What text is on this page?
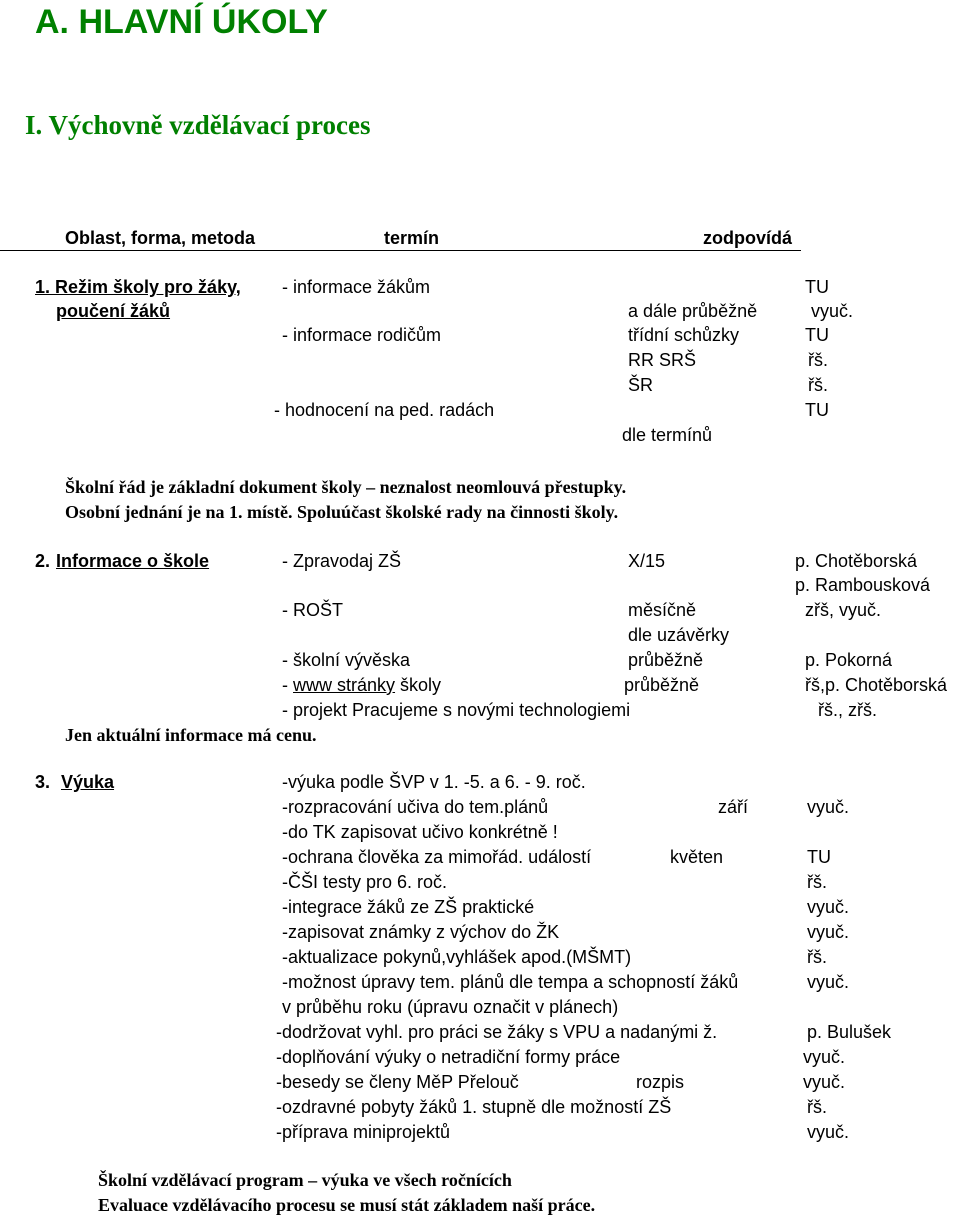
A. HLAVNÍ ÚKOLY
I. Výchovně vzdělávací proces
Oblast, forma, metoda	termín	zodpovídá
1. Režim školy pro žáky,
poučení žáků
- informace žákům	TU
a dále průběžně	vyuč.
- informace rodičům	třídní schůzky	TU
RR SRŠ	řš.
ŠR	řš.
- hodnocení na ped. radách	TU
dle termínů
Školní řád je základní dokument školy – neznalost neomlouvá přestupky.
Osobní jednání je na 1. místě. Spoluúčast školské rady na činnosti školy.
2. Informace o škole	- Zpravodaj ZŠ	X/15	p. Chotěborská
p. Rambousková
- ROŠT	měsíčně	zřš, vyuč.
dle uzávěrky
- školní vývěska	průběžně	p. Pokorná
- www stránky školy	průběžně	řš,p. Chotěborská
- projekt Pracujeme s novými technologiemi	řš., zřš.
Jen aktuální informace má cenu.
3. Výuka	-výuka podle ŠVP v 1. -5. a 6. - 9. roč.
-rozpracování učiva do tem.plánů	září	vyuč.
-do TK zapisovat učivo konkrétně !
-ochrana člověka za mimořád. událostí	květen	TU
-ČŠI testy pro 6. roč.	řš.
-integrace žáků ze ZŠ praktické	vyuč.
-zapisovat známky z výchov do ŽK	vyuč.
-aktualizace pokynů,vyhlášek apod.(MŠMT)	řš.
-možnost úpravy tem. plánů dle tempa a schopností žáků	vyuč.
v průběhu roku (úpravu označit v plánech)
-dodržovat vyhl. pro práci se žáky s VPU a nadanými ž.	p. Bulušek
-doplňování výuky o netradiční formy práce	vyuč.
-besedy se členy MěP Přelouč	rozpis	vyuč.
-ozdravné pobyty žáků 1. stupně dle možností ZŠ	řš.
-příprava miniprojektů	vyuč.
Školní vzdělávací program – výuka ve všech ročnících
Evaluace vzdělávacího procesu se musí stát základem naší práce.
